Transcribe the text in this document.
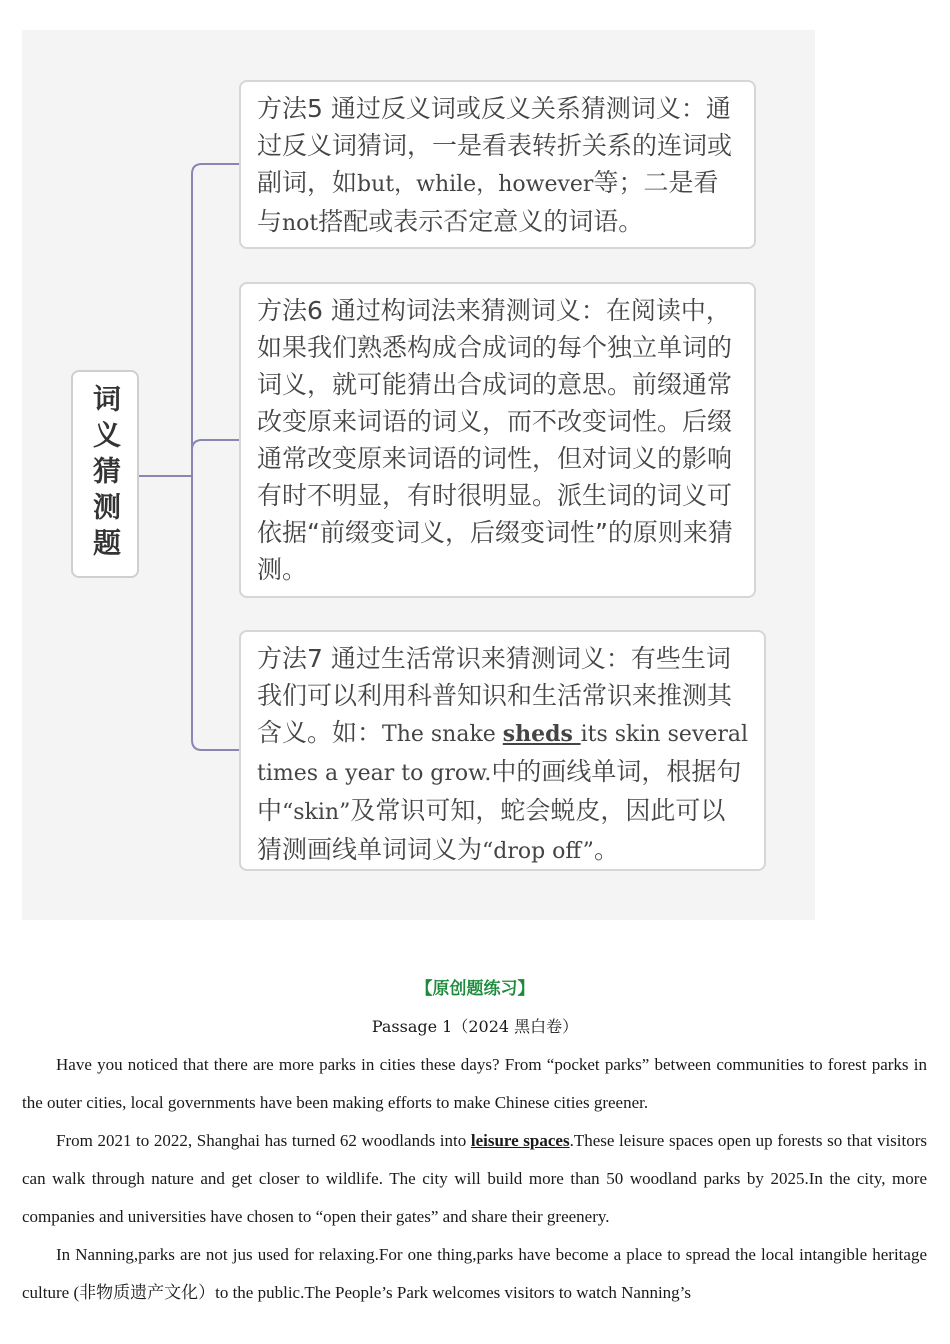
词义猜测题
方法5 通过反义词或反义关系猜测词义：通过反义词猜词，一是看表转折关系的连词或副词，如but，while，however等；二是看与not搭配或表示否定意义的词语。
方法6 通过构词法来猜测词义：在阅读中，如果我们熟悉构成合成词的每个独立单词的词义，就可能猜出合成词的意思。前缀通常改变原来词语的词义，而不改变词性。后缀通常改变原来词语的词性，但对词义的影响有时不明显，有时很明显。派生词的词义可依据“前缀变词义，后缀变词性”的原则来猜测。
方法7 通过生活常识来猜测词义：有些生词我们可以利用科普知识和生活常识来推测其含义。如：The snake sheds its skin several times a year to grow.中的画线单词，根据句中“skin”及常识可知，蛇会蜕皮，因此可以猜测画线单词词义为“drop off”。
【原创题练习】
Passage 1（2024 黑白卷）

Have you noticed that there are more parks in cities these days? From “pocket parks” between communities to forest parks in the outer cities, local governments have been making efforts to make Chinese cities greener.

From 2021 to 2022, Shanghai has turned 62 woodlands into leisure spaces.These leisure spaces open up forests so that visitors can walk through nature and get closer to wildlife. The city will build more than 50 woodland parks by 2025.In the city, more companies and universities have chosen to “open their gates” and share their greenery.

In Nanning,parks are not jus used for relaxing.For one thing,parks have become a place to spread the local intangible heritage culture (非物质遗产文化）to the public.The People’s Park welcomes visitors to watch Nanning’s
